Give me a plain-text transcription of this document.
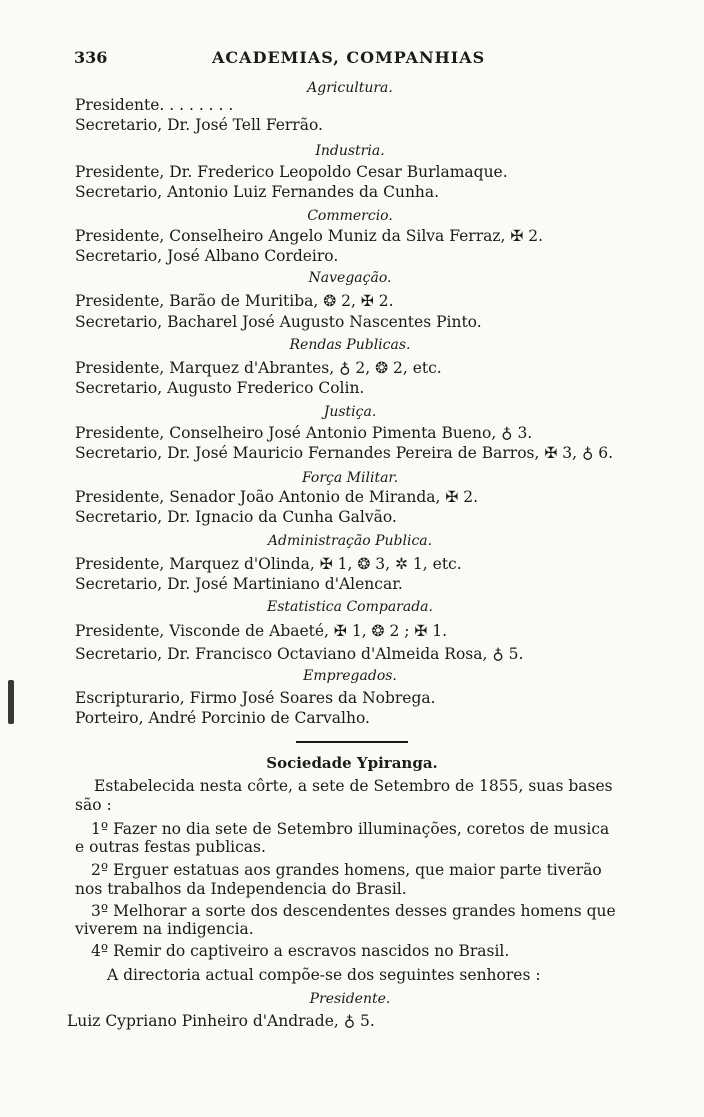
336	ACADEMIAS, COMPANHIAS
Agricultura.
Presidente. . . . . . . .
Secretario, Dr. José Tell Ferrão.
Industria.
Presidente, Dr. Frederico Leopoldo Cesar Burlamaque.
Secretario, Antonio Luiz Fernandes da Cunha.
Commercio.
Presidente, Conselheiro Angelo Muniz da Silva Ferraz, ✠ 2.
Secretario, José Albano Cordeiro.
Navegação.
Presidente, Barão de Muritiba, ❂ 2, ✠ 2.
Secretario, Bacharel José Augusto Nascentes Pinto.
Rendas Publicas.
Presidente, Marquez d'Abrantes, ♁ 2, ❂ 2, etc.
Secretario, Augusto Frederico Colin.
Justiça.
Presidente, Conselheiro José Antonio Pimenta Bueno, ♁ 3.
Secretario, Dr. José Mauricio Fernandes Pereira de Barros, ✠ 3, ♁ 6.
Força Militar.
Presidente, Senador João Antonio de Miranda, ✠ 2.
Secretario, Dr. Ignacio da Cunha Galvão.
Administração Publica.
Presidente, Marquez d'Olinda, ✠ 1, ❂ 3, ✲ 1, etc.
Secretario, Dr. José Martiniano d'Alencar.
Estatistica Comparada.
Presidente, Visconde de Abaeté, ✠ 1, ❂ 2 ; ✠ 1.
Secretario, Dr. Francisco Octaviano d'Almeida Rosa, ♁ 5.
Empregados.
Escripturario, Firmo José Soares da Nobrega.
Porteiro, André Porcinio de Carvalho.
Sociedade Ypiranga.
Estabelecida nesta côrte, a sete de Setembro de 1855, suas bases
são :
1º Fazer no dia sete de Setembro illuminações, coretos de musica
e outras festas publicas.
2º Erguer estatuas aos grandes homens, que maior parte tiverão
nos trabalhos da Independencia do Brasil.
3º Melhorar a sorte dos descendentes desses grandes homens que
viverem na indigencia.
4º Remir do captiveiro a escravos nascidos no Brasil.
A directoria actual compõe-se dos seguintes senhores :
Presidente.
Luiz Cypriano Pinheiro d'Andrade, ♁ 5.
